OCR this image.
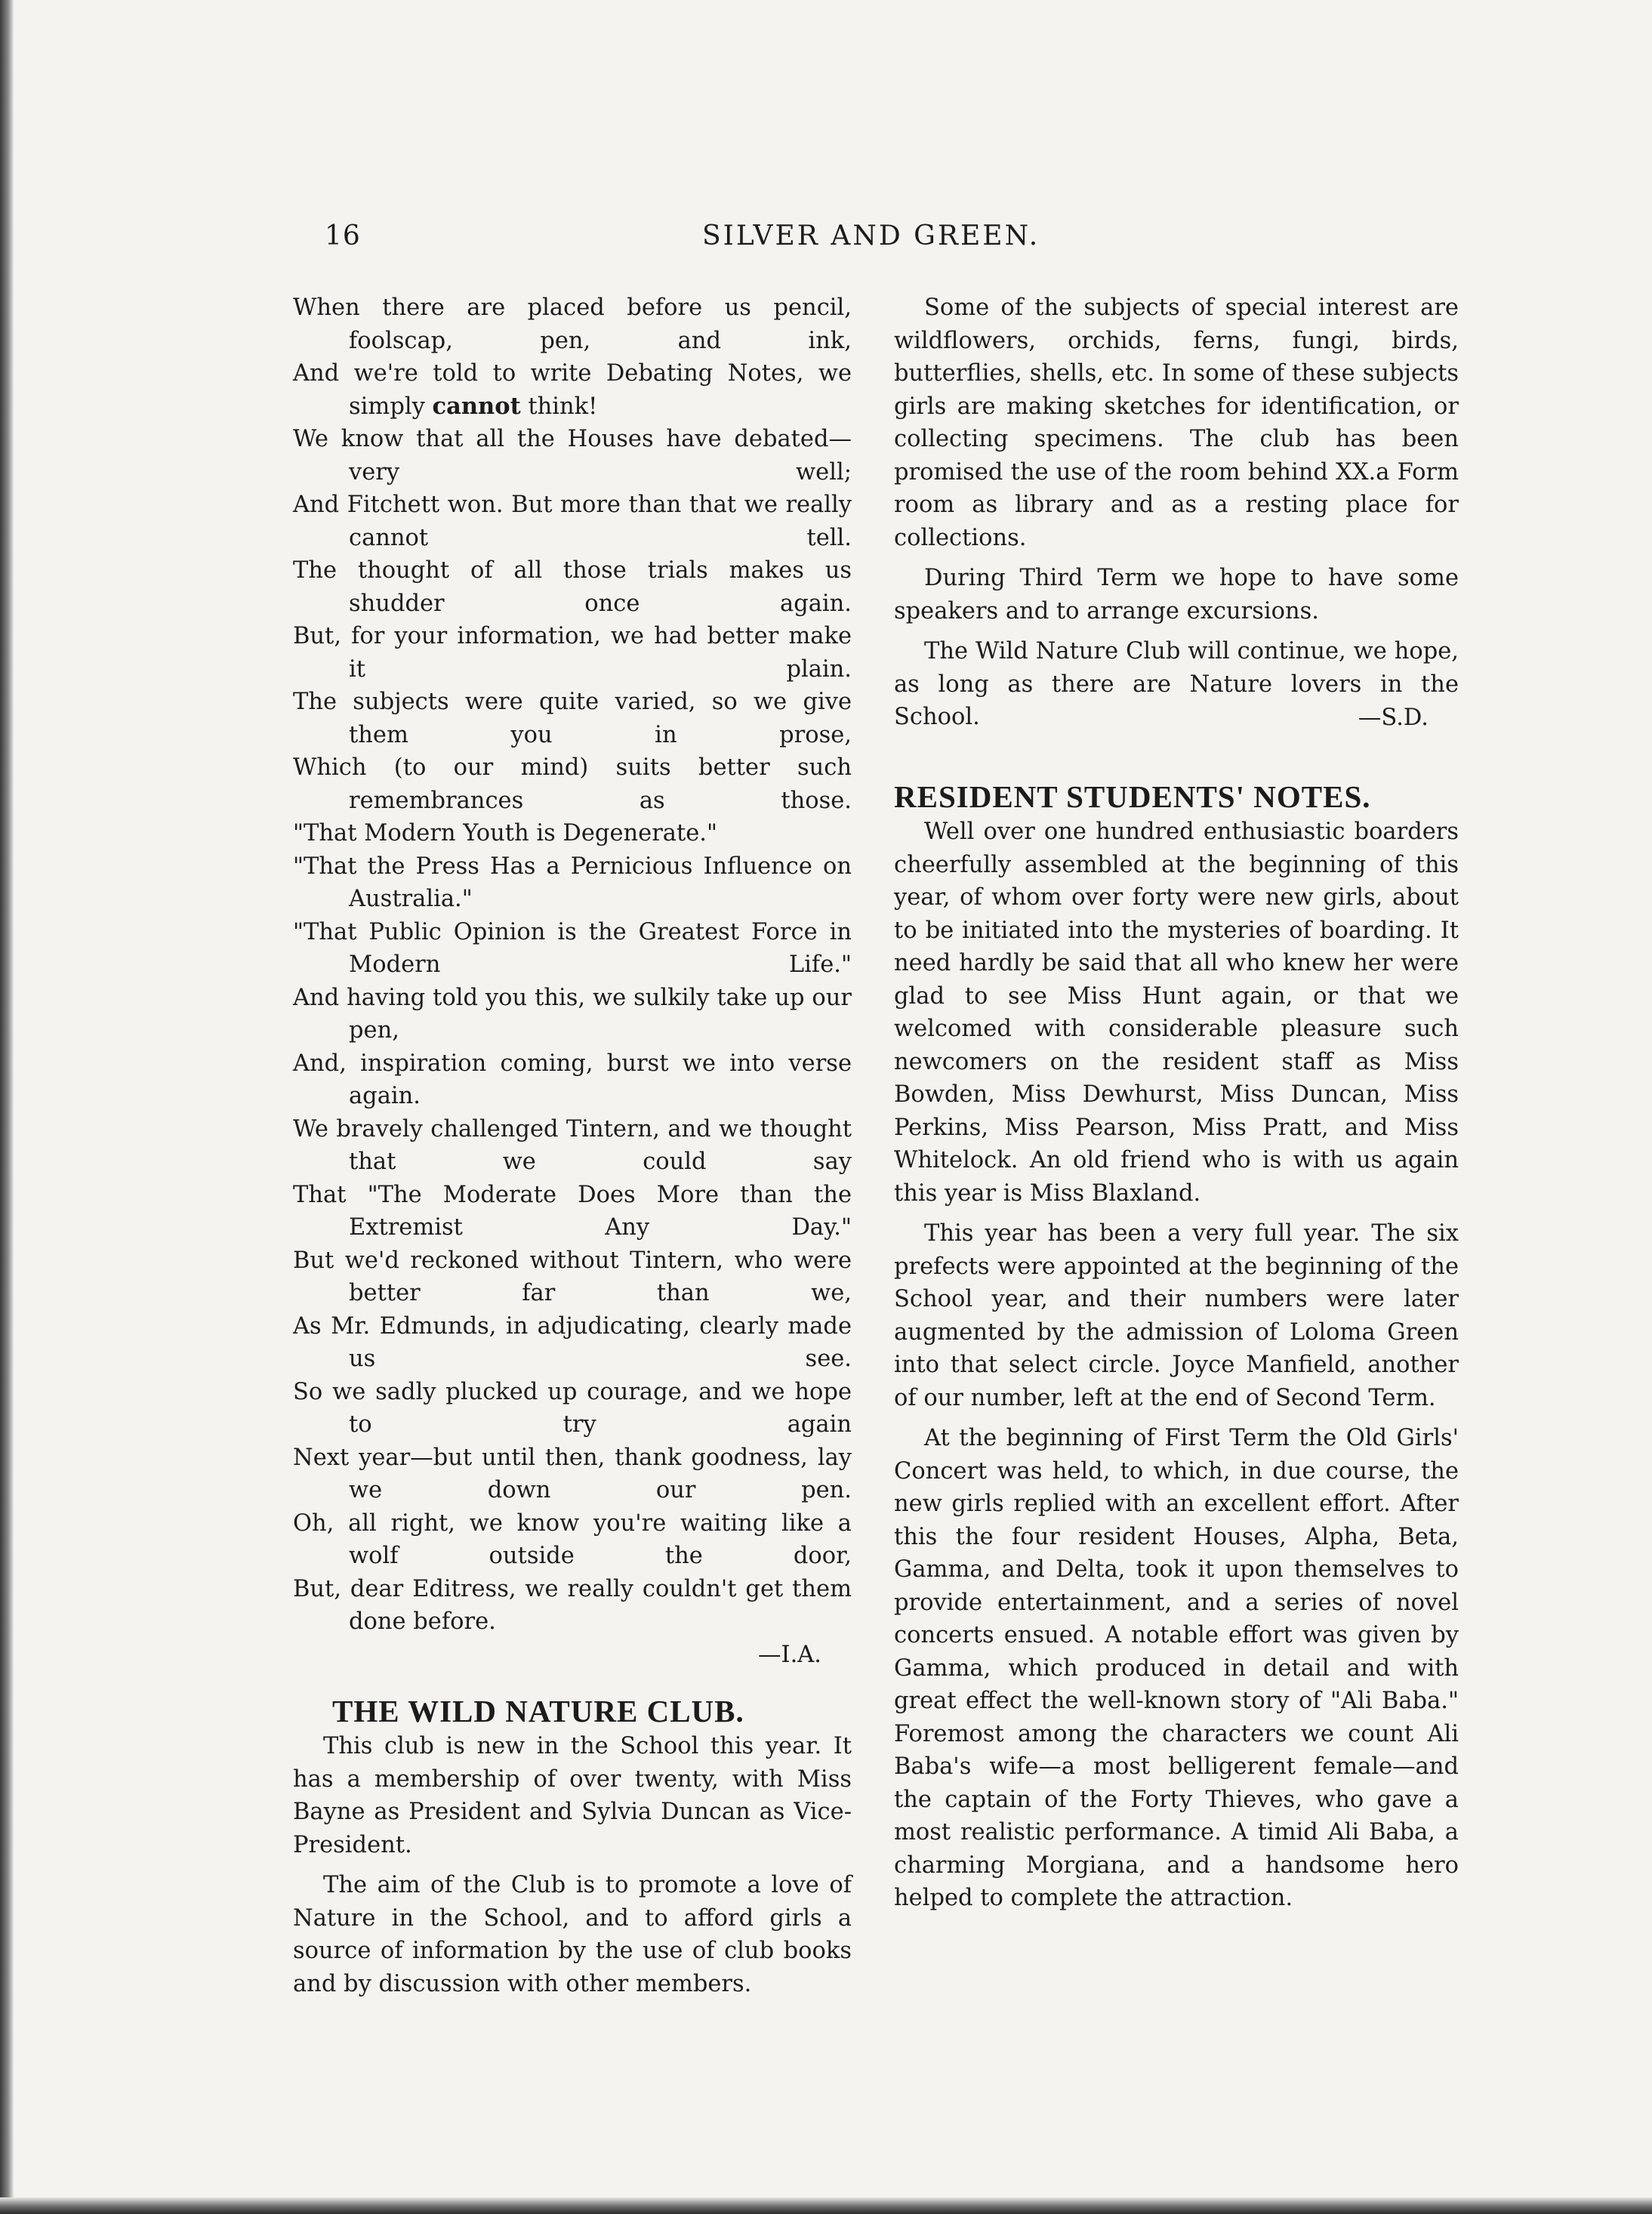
16	SILVER AND GREEN.

When there are placed before us pencil, foolscap, pen, and ink,

And we're told to write Debating Notes, we simply cannot think!

We know that all the Houses have debated— very well;

And Fitchett won. But more than that we really cannot tell.

The thought of all those trials makes us shudder once again.

But, for your information, we had better make it plain.

The subjects were quite varied, so we give them you in prose,

Which (to our mind) suits better such remembrances as those.

"That Modern Youth is Degenerate."

"That the Press Has a Pernicious Influence on Australia."

"That Public Opinion is the Greatest Force in Modern Life."

And having told you this, we sulkily take up our pen,

And, inspiration coming, burst we into verse again.

We bravely challenged Tintern, and we thought that we could say

That "The Moderate Does More than the Extremist Any Day."

But we'd reckoned without Tintern, who were better far than we,

As Mr. Edmunds, in adjudicating, clearly made us see.

So we sadly plucked up courage, and we hope to try again

Next year—but until then, thank goodness, lay we down our pen.

Oh, all right, we know you're waiting like a wolf outside the door,

But, dear Editress, we really couldn't get them done before.

—I.A.

THE WILD NATURE CLUB.

This club is new in the School this year. It has a membership of over twenty, with Miss Bayne as President and Sylvia Duncan as Vice-President.

The aim of the Club is to promote a love of Nature in the School, and to afford girls a source of information by the use of club books and by discussion with other members.

Some of the subjects of special interest are wildflowers, orchids, ferns, fungi, birds, butterflies, shells, etc. In some of these subjects girls are making sketches for identification, or collecting specimens. The club has been promised the use of the room behind XX.a Form room as library and as a resting place for collections.

During Third Term we hope to have some speakers and to arrange excursions.

The Wild Nature Club will continue, we hope, as long as there are Nature lovers in the School.	—S.D.

RESIDENT STUDENTS' NOTES.

Well over one hundred enthusiastic boarders cheerfully assembled at the beginning of this year, of whom over forty were new girls, about to be initiated into the mysteries of boarding. It need hardly be said that all who knew her were glad to see Miss Hunt again, or that we welcomed with considerable pleasure such newcomers on the resident staff as Miss Bowden, Miss Dewhurst, Miss Duncan, Miss Perkins, Miss Pearson, Miss Pratt, and Miss Whitelock. An old friend who is with us again this year is Miss Blaxland.

This year has been a very full year. The six prefects were appointed at the beginning of the School year, and their numbers were later augmented by the admission of Loloma Green into that select circle. Joyce Manfield, another of our number, left at the end of Second Term.

At the beginning of First Term the Old Girls' Concert was held, to which, in due course, the new girls replied with an excellent effort. After this the four resident Houses, Alpha, Beta, Gamma, and Delta, took it upon themselves to provide entertainment, and a series of novel concerts ensued. A notable effort was given by Gamma, which produced in detail and with great effect the well-known story of "Ali Baba." Foremost among the characters we count Ali Baba's wife—a most belligerent female—and the captain of the Forty Thieves, who gave a most realistic performance. A timid Ali Baba, a charming Morgiana, and a handsome hero helped to complete the attraction.
